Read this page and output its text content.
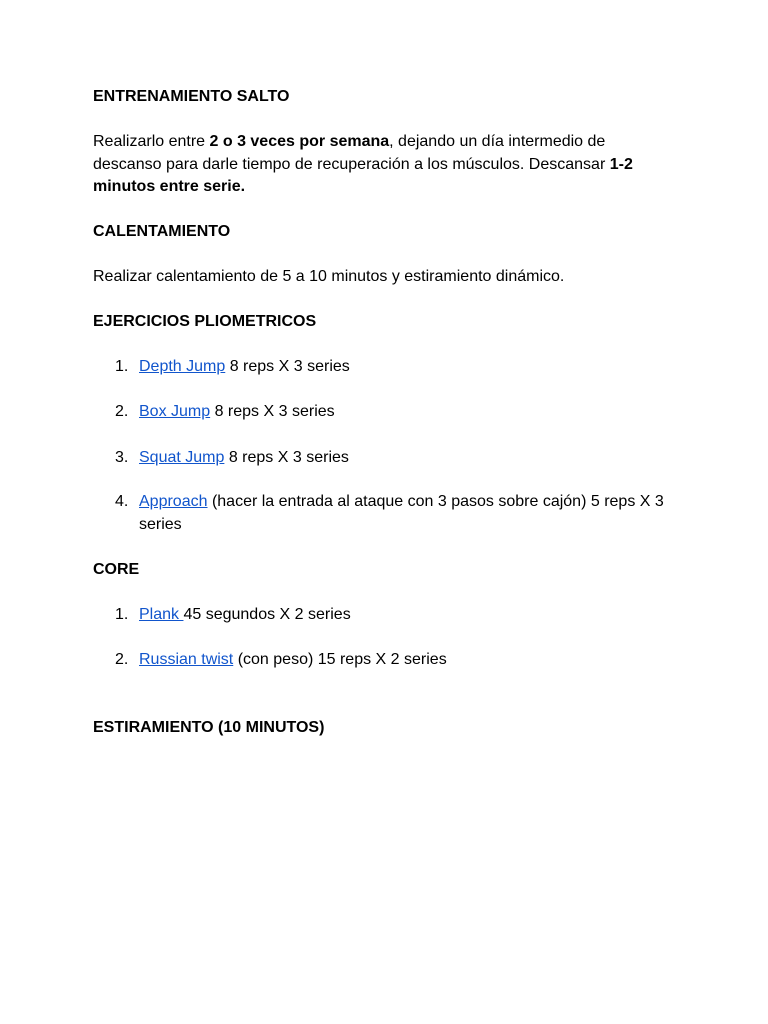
ENTRENAMIENTO SALTO
Realizarlo entre 2 o 3 veces por semana, dejando un día intermedio de descanso para darle tiempo de recuperación a los músculos. Descansar 1-2 minutos entre serie.
CALENTAMIENTO
Realizar calentamiento de 5 a 10 minutos y estiramiento dinámico.
EJERCICIOS PLIOMETRICOS
1. Depth Jump 8 reps X 3 series
2. Box Jump 8 reps X 3 series
3. Squat Jump 8 reps X 3 series
4. Approach (hacer la entrada al ataque con 3 pasos sobre cajón) 5 reps X 3 series
CORE
1. Plank 45 segundos X 2 series
2. Russian twist (con peso) 15 reps X 2 series
ESTIRAMIENTO (10 MINUTOS)
